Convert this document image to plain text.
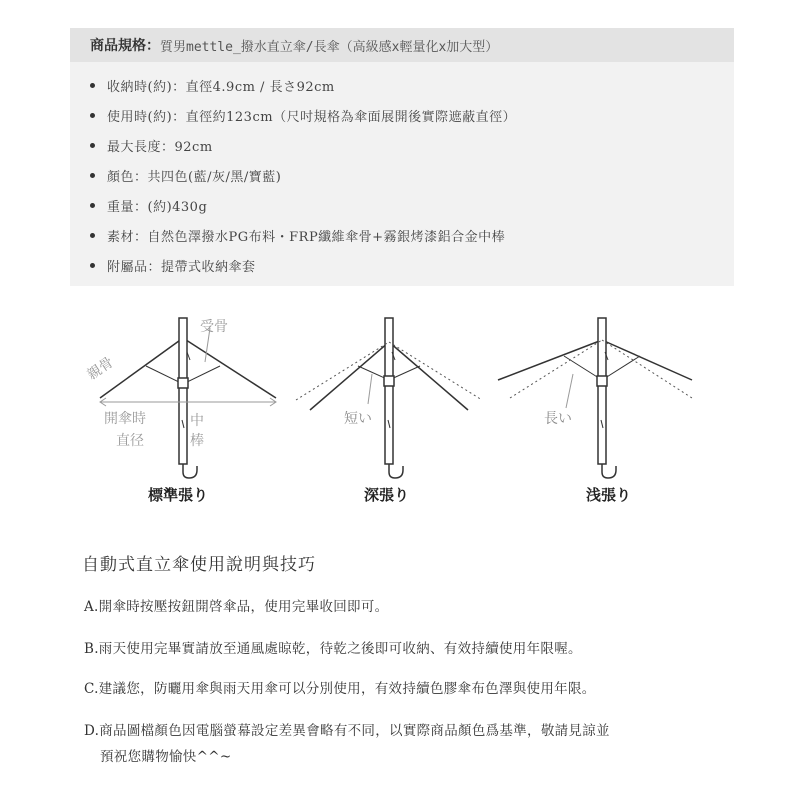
商品規格： 質男mettle_撥水直立傘/長傘（高級感x輕量化x加大型）
收納時(約)：直徑4.9cm / 長さ92cm
使用時(約)：直徑約123cm（尺吋規格為傘面展開後實際遮蔽直徑）
最大長度：92cm
顏色：共四色(藍/灰/黑/寶藍)
重量：(約)430g
素材：自然色澤撥水PG布料・FRP纖維傘骨+霧銀烤漆鋁合金中棒
附屬品：提帶式收納傘套
受骨
親骨
開傘時
直径
中
棒
短い	長い
標準張り	深張り	浅張り
自動式直立傘使用說明與技巧
A.開傘時按壓按鈕開啓傘品，使用完畢收回即可。
B.雨天使用完畢實請放至通風處晾乾，待乾之後即可收納、有效持續使用年限喔。
C.建議您，防曬用傘與雨天用傘可以分別使用，有效持續色膠傘布色澤與使用年限。
D.商品圖檔顏色因電腦螢幕設定差異會略有不同，以實際商品顏色爲基準，敬請見諒並
預祝您購物愉快^^~
